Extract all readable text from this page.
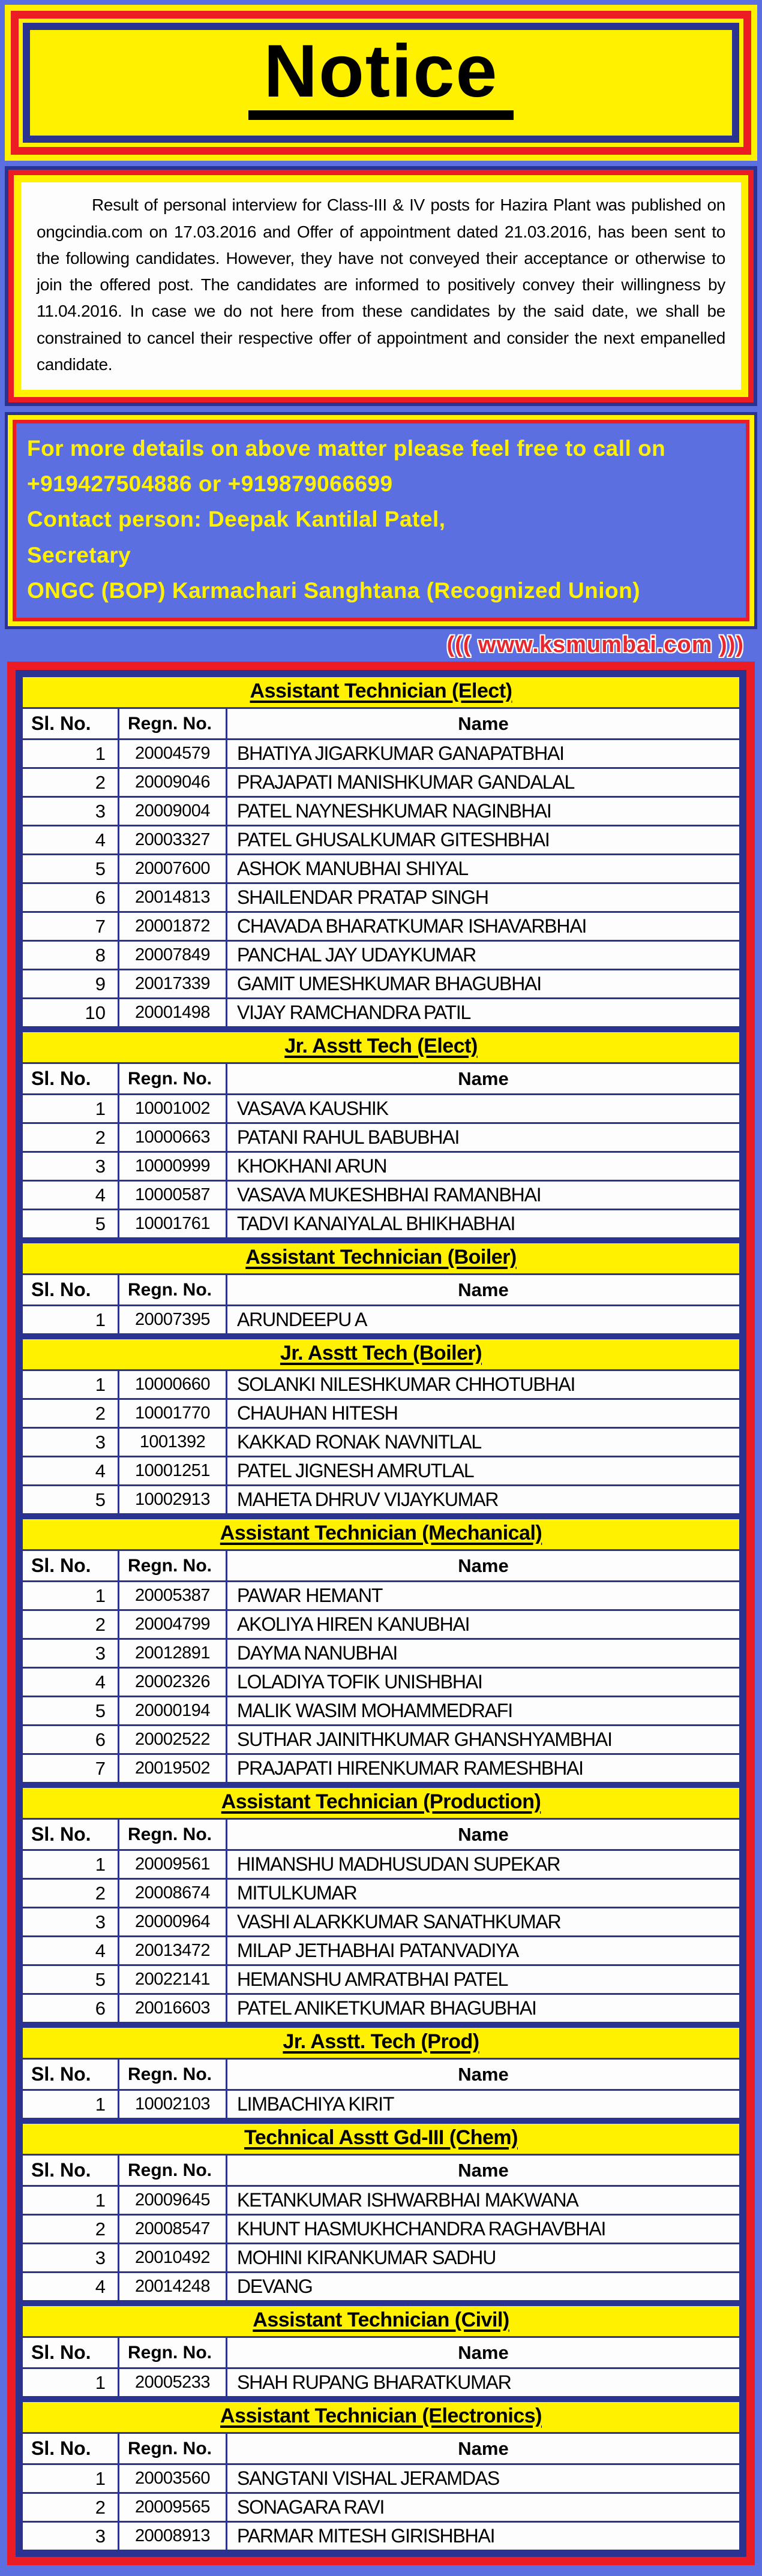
Notice

Result of personal interview for Class-III & IV posts for Hazira Plant was published on ongcindia.com on 17.03.2016 and Offer of appointment dated 21.03.2016, has been sent to the following candidates. However, they have not conveyed their acceptance or otherwise to join the offered post. The candidates are informed to positively convey their willingness by 11.04.2016. In case we do not here from these candidates by the said date, we shall be constrained to cancel their respective offer of appointment and consider the next empanelled candidate.

For more details on above matter please feel free to call on
+919427504886 or +919879066699
Contact person: Deepak Kantilal Patel,
Secretary
ONGC (BOP) Karmachari Sanghtana (Recognized Union)
((( www.ksmumbai.com )))
Assistant Technician (Elect)
Sl. No.	Regn. No.	Name
1	20004579	BHATIYA JIGARKUMAR GANAPATBHAI
2	20009046	PRAJAPATI MANISHKUMAR GANDALAL
3	20009004	PATEL NAYNESHKUMAR NAGINBHAI
4	20003327	PATEL GHUSALKUMAR GITESHBHAI
5	20007600	ASHOK MANUBHAI SHIYAL
6	20014813	SHAILENDAR PRATAP SINGH
7	20001872	CHAVADA BHARATKUMAR ISHAVARBHAI
8	20007849	PANCHAL JAY UDAYKUMAR
9	20017339	GAMIT UMESHKUMAR BHAGUBHAI
10	20001498	VIJAY RAMCHANDRA PATIL
Jr. Asstt Tech (Elect)
Sl. No.	Regn. No.	Name
1	10001002	VASAVA KAUSHIK
2	10000663	PATANI RAHUL BABUBHAI
3	10000999	KHOKHANI ARUN
4	10000587	VASAVA MUKESHBHAI RAMANBHAI
5	10001761	TADVI KANAIYALAL BHIKHABHAI
Assistant Technician (Boiler)
Sl. No.	Regn. No.	Name
1	20007395	ARUNDEEPU A
Jr. Asstt Tech (Boiler)
1	10000660	SOLANKI NILESHKUMAR CHHOTUBHAI
2	10001770	CHAUHAN HITESH
3	1001392	KAKKAD RONAK NAVNITLAL
4	10001251	PATEL JIGNESH AMRUTLAL
5	10002913	MAHETA DHRUV VIJAYKUMAR
Assistant Technician (Mechanical)
Sl. No.	Regn. No.	Name
1	20005387	PAWAR HEMANT
2	20004799	AKOLIYA HIREN KANUBHAI
3	20012891	DAYMA NANUBHAI
4	20002326	LOLADIYA TOFIK UNISHBHAI
5	20000194	MALIK WASIM MOHAMMEDRAFI
6	20002522	SUTHAR JAINITHKUMAR GHANSHYAMBHAI
7	20019502	PRAJAPATI HIRENKUMAR RAMESHBHAI
Assistant Technician (Production)
Sl. No.	Regn. No.	Name
1	20009561	HIMANSHU MADHUSUDAN SUPEKAR
2	20008674	MITULKUMAR
3	20000964	VASHI ALARKKUMAR SANATHKUMAR
4	20013472	MILAP JETHABHAI PATANVADIYA
5	20022141	HEMANSHU AMRATBHAI PATEL
6	20016603	PATEL ANIKETKUMAR BHAGUBHAI
Jr. Asstt. Tech (Prod)
Sl. No.	Regn. No.	Name
1	10002103	LIMBACHIYA KIRIT
Technical Asstt Gd-III (Chem)
Sl. No.	Regn. No.	Name
1	20009645	KETANKUMAR ISHWARBHAI MAKWANA
2	20008547	KHUNT HASMUKHCHANDRA RAGHAVBHAI
3	20010492	MOHINI KIRANKUMAR SADHU
4	20014248	DEVANG
Assistant Technician (Civil)
Sl. No.	Regn. No.	Name
1	20005233	SHAH RUPANG BHARATKUMAR
Assistant Technician (Electronics)
Sl. No.	Regn. No.	Name
1	20003560	SANGTANI VISHAL JERAMDAS
2	20009565	SONAGARA RAVI
3	20008913	PARMAR MITESH GIRISHBHAI
